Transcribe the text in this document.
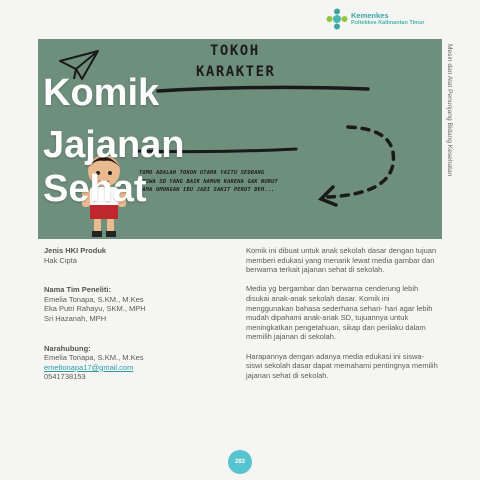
Kemenkes
Poltekkes Kalimantan Timur
TOKOH
KARAKTER
TOMO ADALAH TOKOH UTAMA YAITU SEORANG SISWA SD YANG BAIK NAMUN KARENA GAK NURUT SAMA OMONGAN IBU JADI SAKIT PERUT DEH...
Komik
Jajanan
Sehat
Mesin dan Alat Penunjang Bidang Kesehatan
Jenis HKI Produk
Hak Cipta
Nama Tim Peneliti:
Emelia Tonapa, S.KM., M.Kes
Eka Putri Rahayu, SKM., MPH
Sri Hazanah, MPH
Narahubung:
Emelia Tonapa, S.KM., M.Kes
emeltonapa17@gmail.com
0541738153

Komik ini dibuat untuk anak sekolah dasar dengan tujuan memberi edukasi yang menarik lewat media gambar dan berwarna terkait jajanan sehat di sekolah.

Media yg bergambar dan berwarna cenderung lebih disukai anak-anak sekolah dasar. Komik ini menggunakan bahasa sederhana sehari- hari agar lebih mudah dipahami anak-anak SD, tujuannya untuk meningkatkan pengetahuan, sikap dan perilaku dalam memilih jajanan di sekolah.

Harapannya dengan adanya media edukasi ini siswa-siswi sekolah dasar dapat memahami pentingnya memilih jajanan sehat di sekolah.

283
